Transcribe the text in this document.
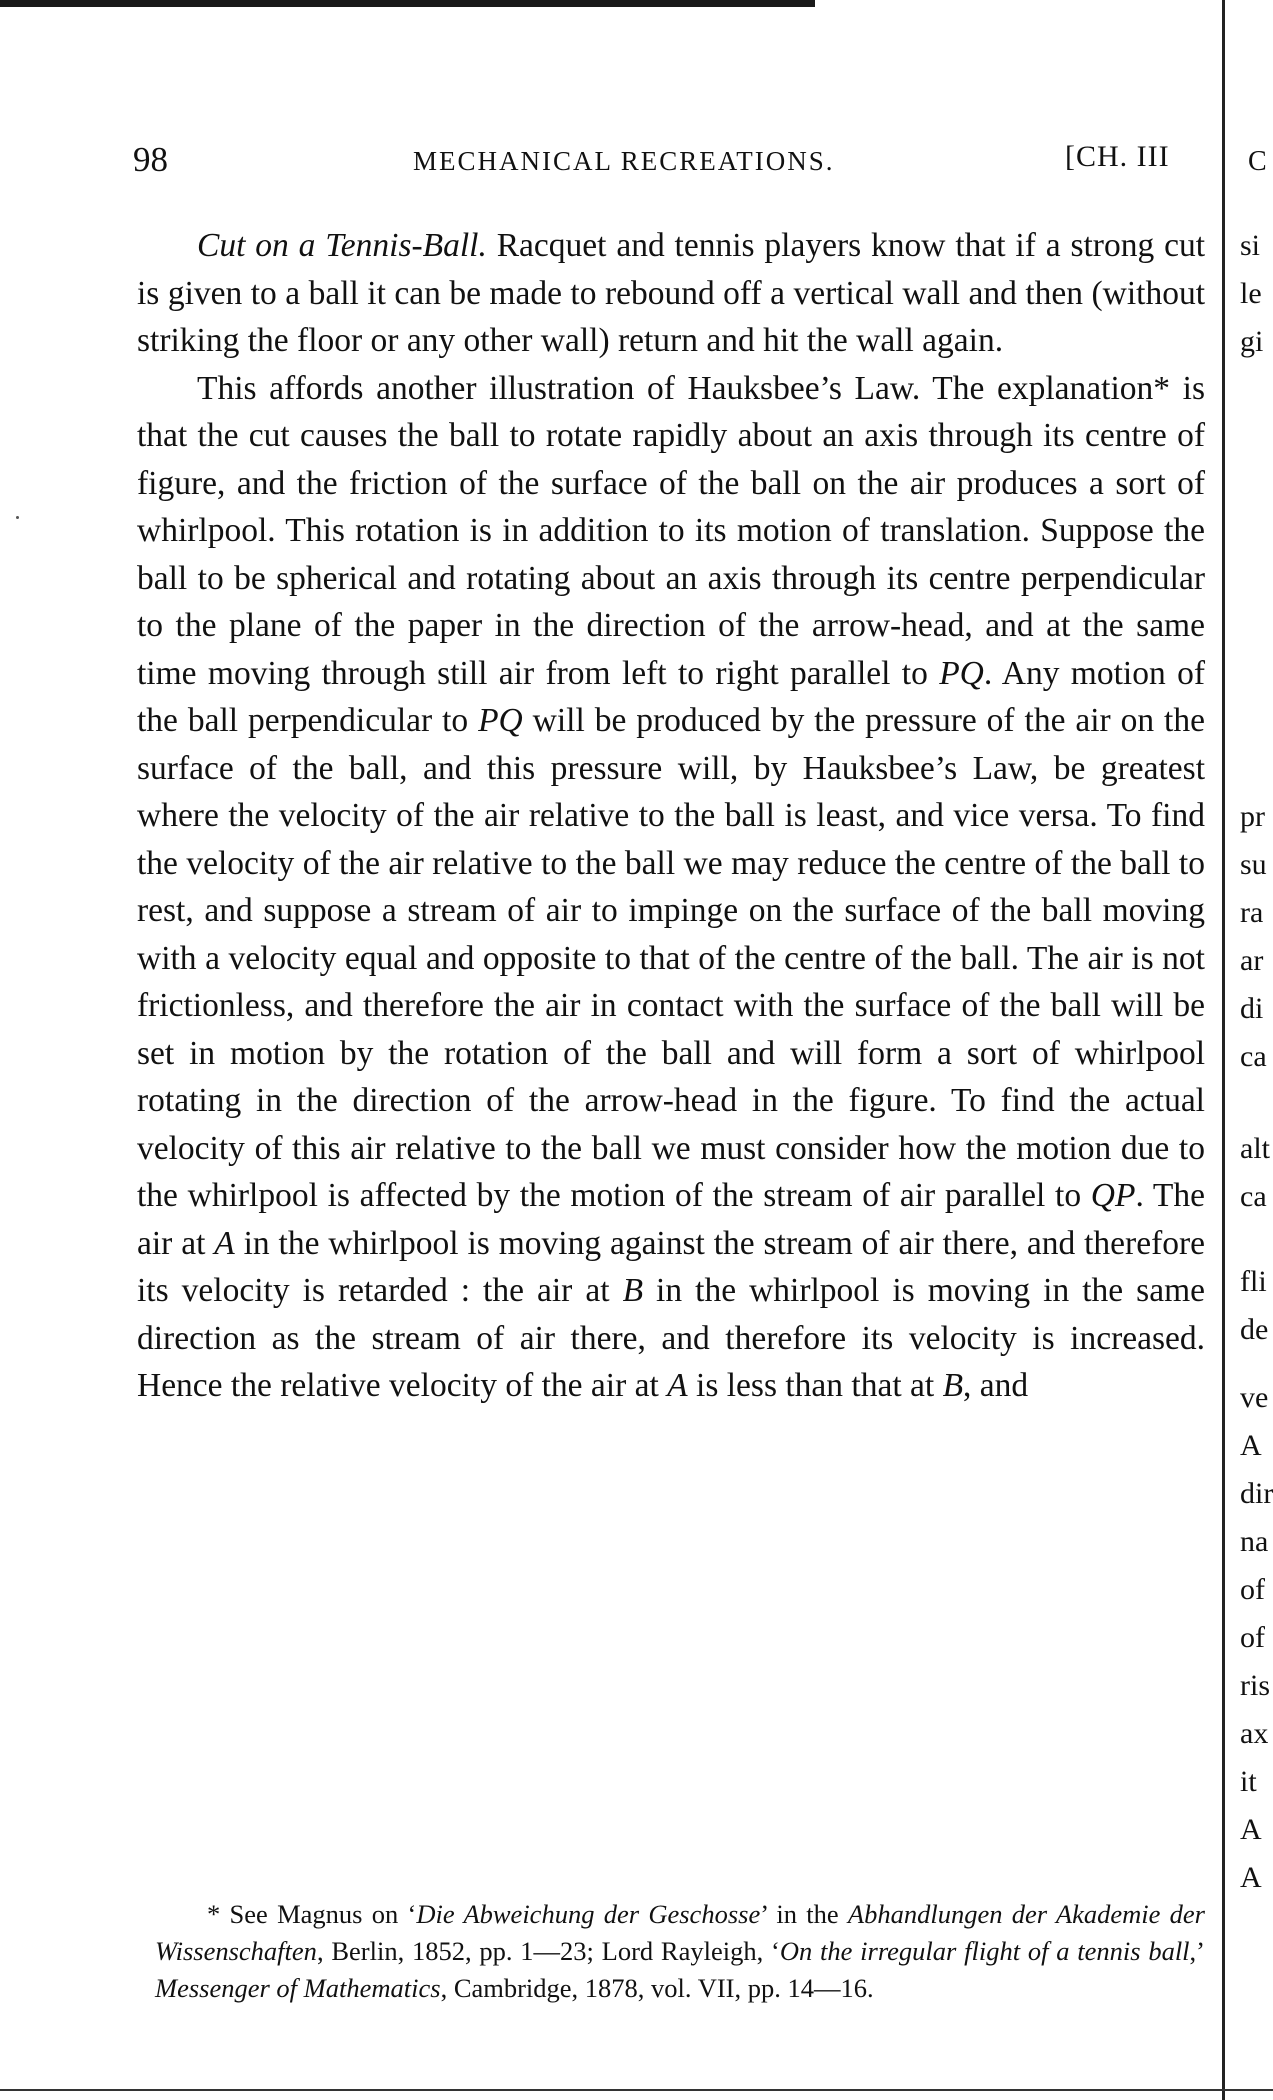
98	MECHANICAL RECREATIONS.	[CH. III

Cut on a Tennis-Ball. Racquet and tennis players know that if a strong cut is given to a ball it can be made to rebound off a vertical wall and then (without striking the floor or any other wall) return and hit the wall again.

This affords another illustration of Hauksbee’s Law. The explanation* is that the cut causes the ball to rotate rapidly about an axis through its centre of figure, and the friction of the surface of the ball on the air produces a sort of whirlpool. This rotation is in addition to its motion of translation. Suppose the ball to be spherical and rotating about an axis through its centre perpendicular to the plane of the paper in the direction of the arrow-head, and at the same time moving through still air from left to right parallel to PQ. Any motion of the ball perpendicular to PQ will be produced by the pressure of the air on the surface of the ball, and this pressure will, by Hauksbee’s Law, be greatest where the velocity of the air relative to the ball is least, and vice versa. To find the velocity of the air relative to the ball we may reduce the centre of the ball to rest, and suppose a stream of air to impinge on the surface of the ball moving with a velocity equal and opposite to that of the centre of the ball. The air is not frictionless, and therefore the air in contact with the surface of the ball will be set in motion by the rotation of the ball and will form a sort of whirlpool rotating in the direction of the arrow-head in the figure. To find the actual velocity of this air relative to the ball we must consider how the motion due to the whirlpool is affected by the motion of the stream of air parallel to QP. The air at A in the whirlpool is moving against the stream of air there, and therefore its velocity is retarded : the air at B in the whirlpool is moving in the same direction as the stream of air there, and therefore its velocity is increased. Hence the relative velocity of the air at A is less than that at B, and

* See Magnus on ‘Die Abweichung der Geschosse’ in the Abhandlungen der Akademie der Wissenschaften, Berlin, 1852, pp. 1—23; Lord Rayleigh, ‘On the irregular flight of a tennis ball,’ Messenger of Mathematics, Cambridge, 1878, vol. VII, pp. 14—16.

C
si
le
gi
pr
su
ra
ar
di
ca
alt
ca
fli
de
ve
A
dir
na
of
of
ris
ax
it
A
A
